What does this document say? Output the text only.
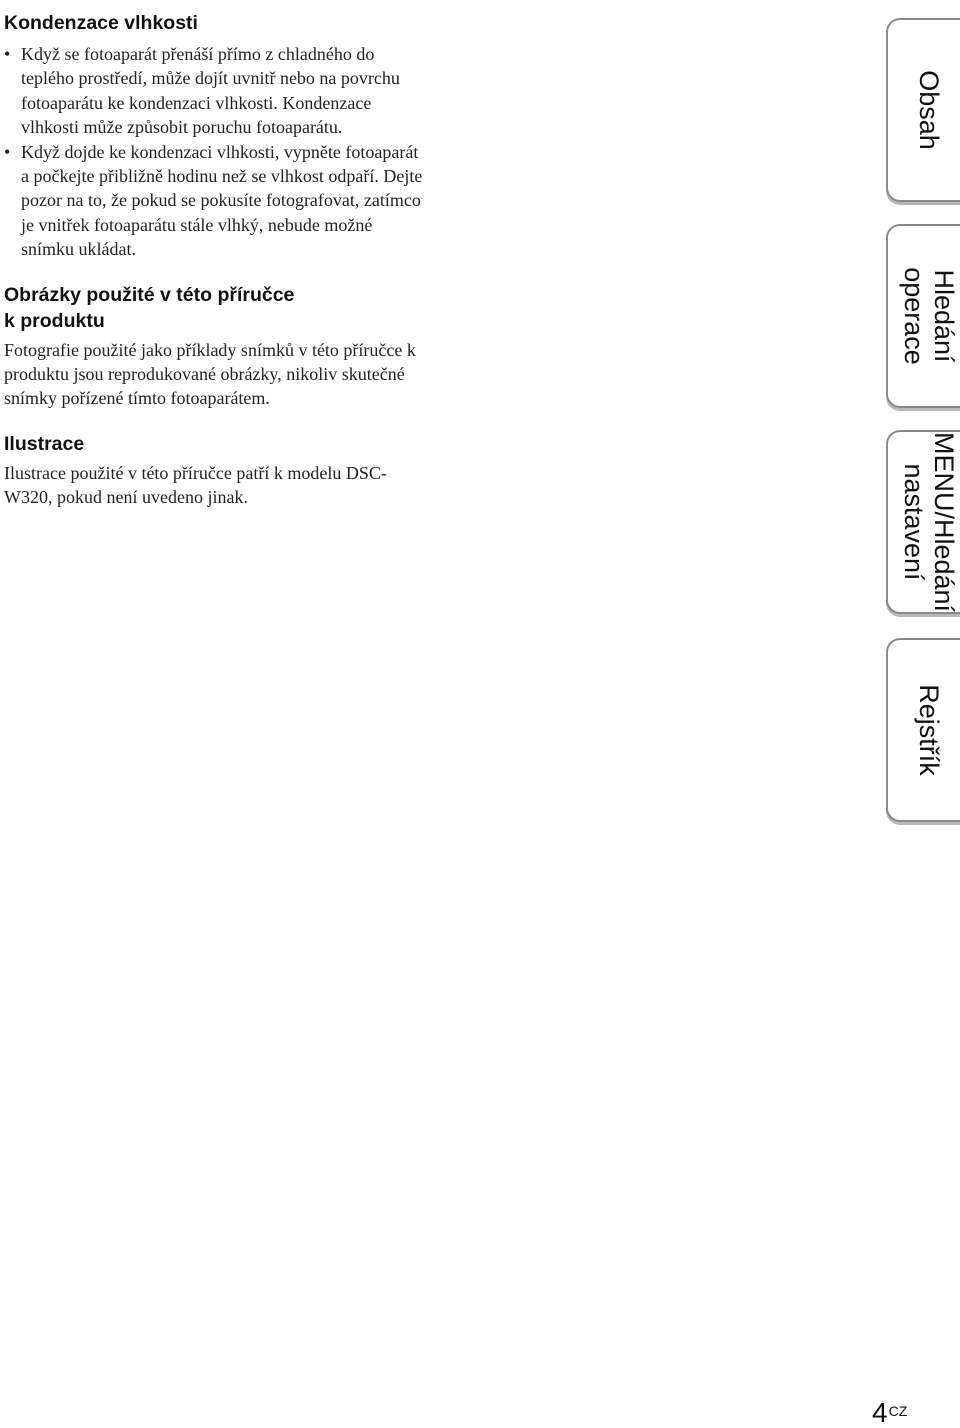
Kondenzace vlhkosti
• Když se fotoaparát přenáší přímo z chladného do teplého prostředí, může dojít uvnitř nebo na povrchu fotoaparátu ke kondenzaci vlhkosti. Kondenzace vlhkosti může způsobit poruchu fotoaparátu.
• Když dojde ke kondenzaci vlhkosti, vypněte fotoaparát a počkejte přibližně hodinu než se vlhkost odpaří. Dejte pozor na to, že pokud se pokusíte fotografovat, zatímco je vnitřek fotoaparátu stále vlhký, nebude možné snímku ukládat.
Obrázky použité v této příručce
k produktu

Fotografie použité jako příklady snímků v této příručce k produktu jsou reprodukované obrázky, nikoliv skutečné snímky pořízené tímto fotoaparátem.

Ilustrace

Ilustrace použité v této příručce patří k modelu DSC-W320, pokud není uvedeno jinak.

Obsah
Hledání
operace
MENU/Hledání
nastavení
Rejstřík
$4^{CZ}$
